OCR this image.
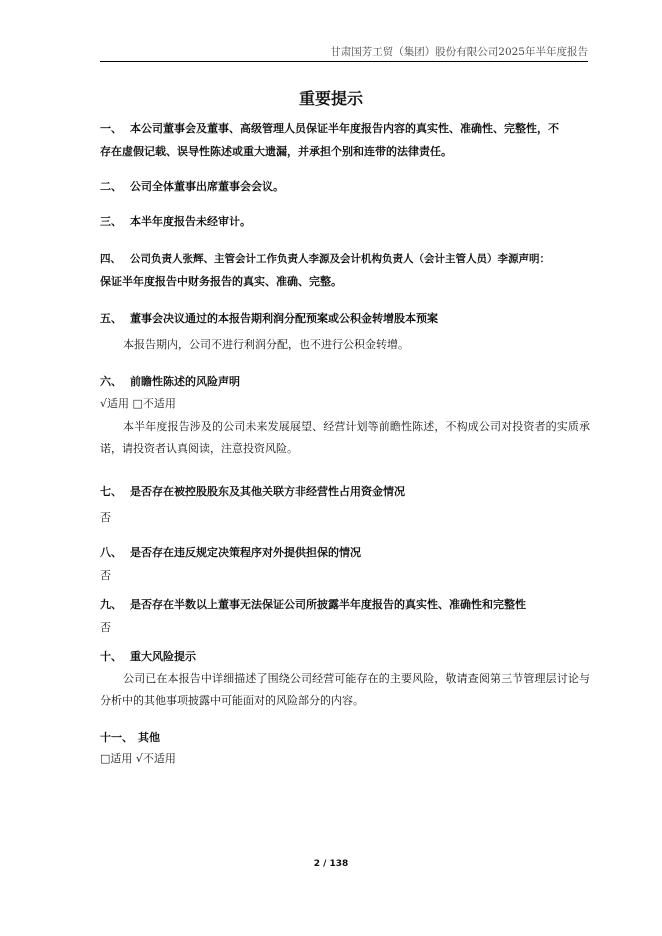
甘肃国芳工贸（集团）股份有限公司2025年半年度报告
重要提示
一、 本公司董事会及董事、高级管理人员保证半年度报告内容的真实性、准确性、完整性，不
存在虚假记载、误导性陈述或重大遗漏，并承担个别和连带的法律责任。
二、 公司全体董事出席董事会会议。
三、 本半年度报告未经审计。
四、 公司负责人张辉、主管会计工作负责人李源及会计机构负责人（会计主管人员）李源声明：
保证半年度报告中财务报告的真实、准确、完整。
五、 董事会决议通过的本报告期利润分配预案或公积金转增股本预案
本报告期内，公司不进行利润分配，也不进行公积金转增。
六、 前瞻性陈述的风险声明
√适用 □不适用
本半年度报告涉及的公司未来发展展望、经营计划等前瞻性陈述，不构成公司对投资者的实质承诺，请投资者认真阅读，注意投资风险。
七、 是否存在被控股股东及其他关联方非经营性占用资金情况
否
八、 是否存在违反规定决策程序对外提供担保的情况
否
九、 是否存在半数以上董事无法保证公司所披露半年度报告的真实性、准确性和完整性
否
十、 重大风险提示
公司已在本报告中详细描述了围绕公司经营可能存在的主要风险，敬请查阅第三节管理层讨论与分析中的其他事项披露中可能面对的风险部分的内容。
十一、 其他
□适用 √不适用
2 / 138
